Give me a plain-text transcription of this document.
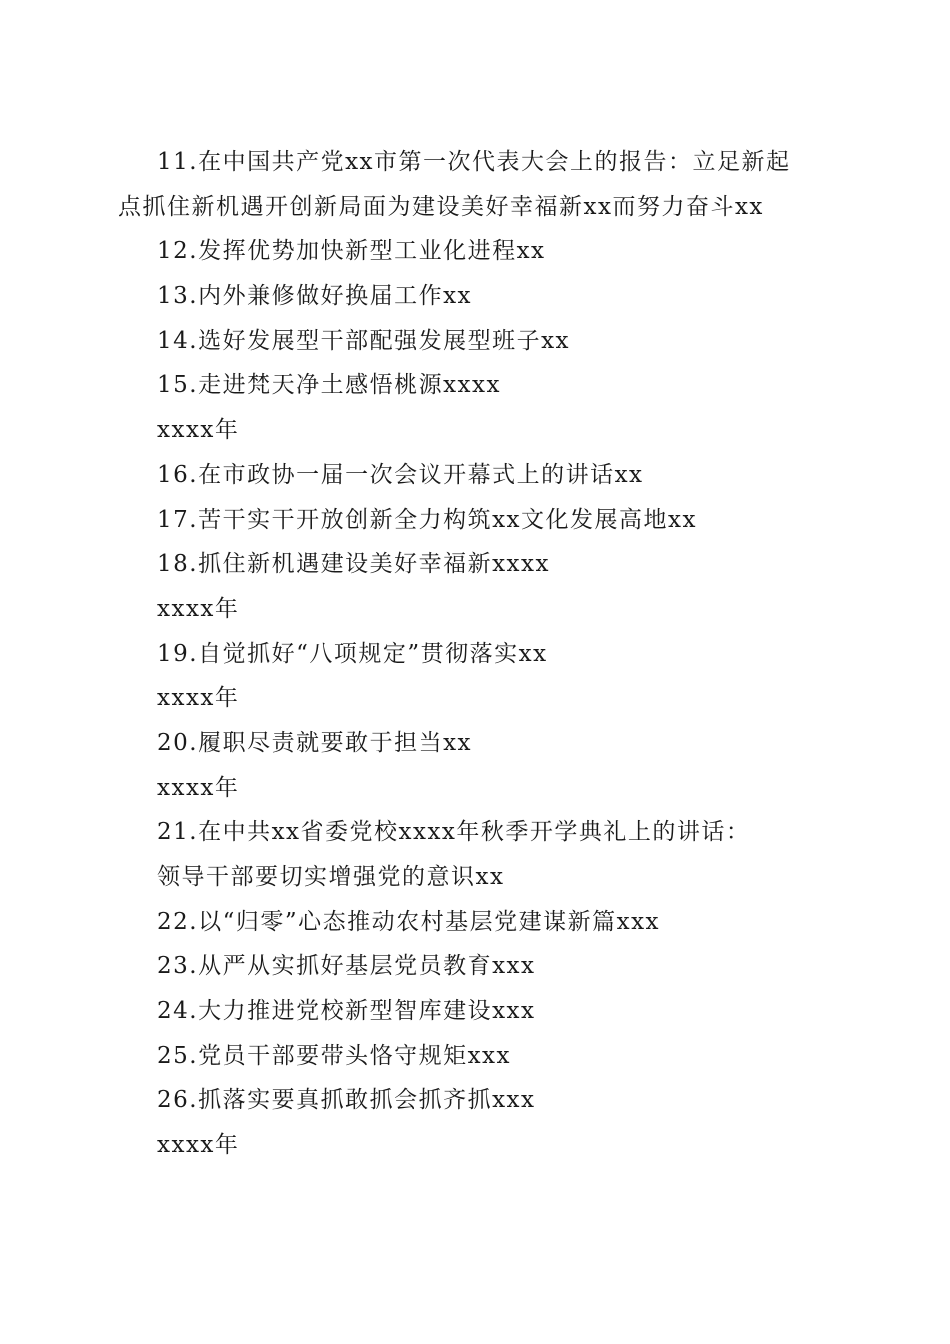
11.在中国共产党xx市第一次代表大会上的报告：立足新起
点抓住新机遇开创新局面为建设美好幸福新xx而努力奋斗xx
12.发挥优势加快新型工业化进程xx
13.内外兼修做好换届工作xx
14.选好发展型干部配强发展型班子xx
15.走进梵天净土感悟桃源xxxx
xxxx年
16.在市政协一届一次会议开幕式上的讲话xx
17.苦干实干开放创新全力构筑xx文化发展高地xx
18.抓住新机遇建设美好幸福新xxxx
xxxx年
19.自觉抓好“八项规定”贯彻落实xx
xxxx年
20.履职尽责就要敢于担当xx
xxxx年
21.在中共xx省委党校xxxx年秋季开学典礼上的讲话：
领导干部要切实增强党的意识xx
22.以“归零”心态推动农村基层党建谋新篇xxx
23.从严从实抓好基层党员教育xxx
24.大力推进党校新型智库建设xxx
25.党员干部要带头恪守规矩xxx
26.抓落实要真抓敢抓会抓齐抓xxx
xxxx年
